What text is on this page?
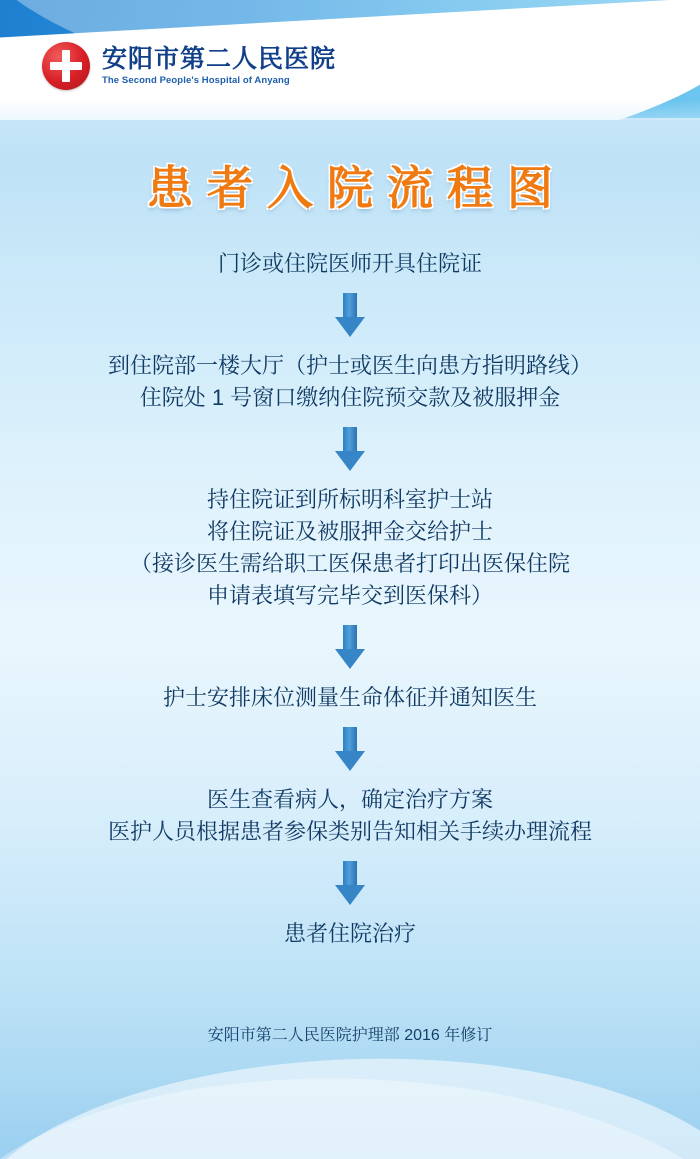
安阳市第二人民医院
The Second People's Hospital of Anyang
患者入院流程图
门诊或住院医师开具住院证
到住院部一楼大厅（护士或医生向患方指明路线）
住院处 1 号窗口缴纳住院预交款及被服押金
持住院证到所标明科室护士站
将住院证及被服押金交给护士
（接诊医生需给职工医保患者打印出医保住院
申请表填写完毕交到医保科）
护士安排床位测量生命体征并通知医生
医生查看病人，确定治疗方案
医护人员根据患者参保类别告知相关手续办理流程
患者住院治疗
安阳市第二人民医院护理部 2016 年修订
